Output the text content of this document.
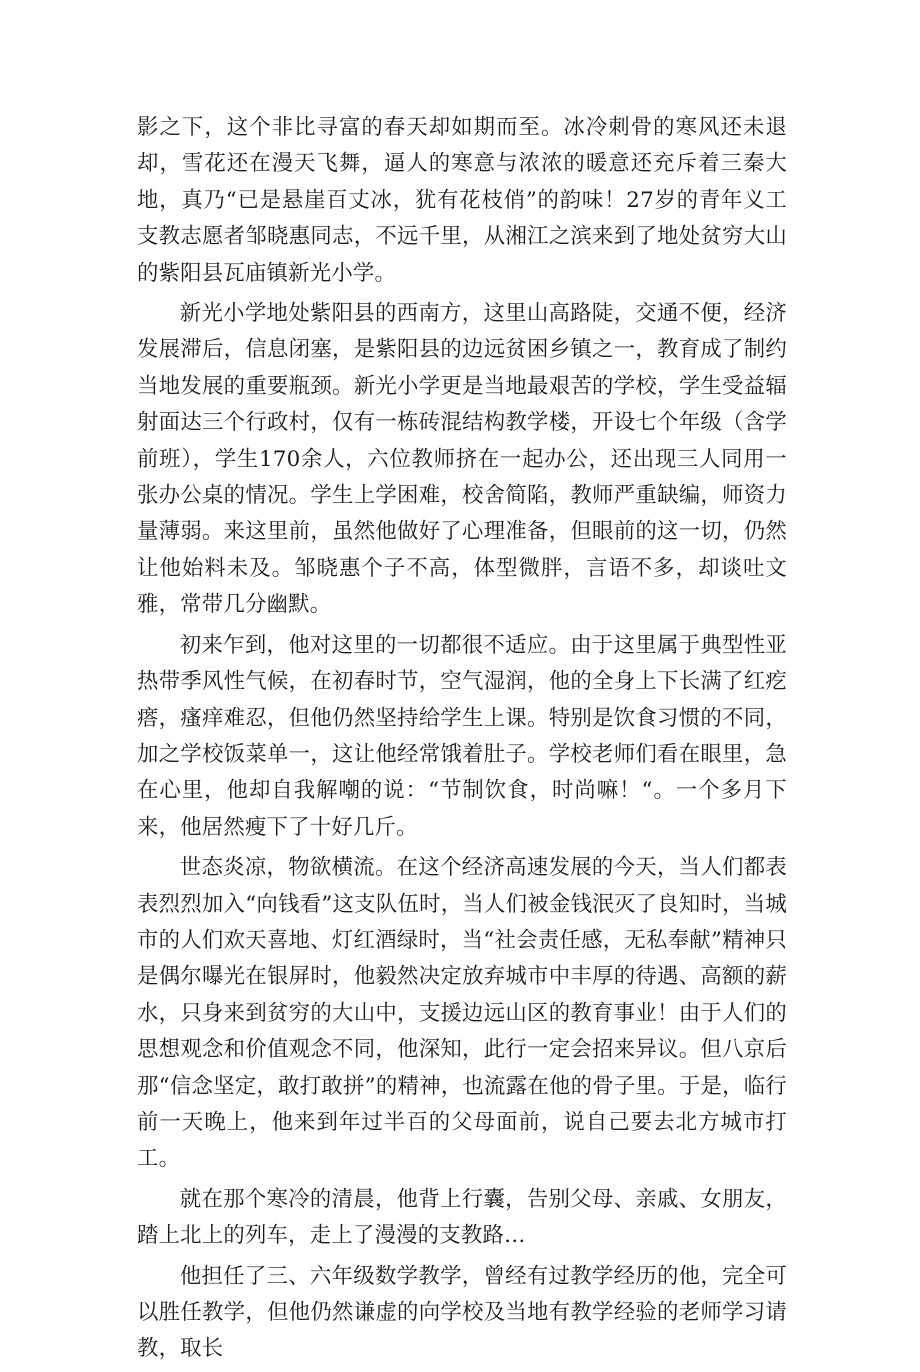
影之下，这个非比寻富的春天却如期而至。冰冷刺骨的寒风还未退却，雪花还在漫天飞舞，逼人的寒意与浓浓的暖意还充斥着三秦大地，真乃“已是悬崖百丈冰，犹有花枝俏”的韵味！27岁的青年义工支教志愿者邹晓惠同志，不远千里，从湘江之滨来到了地处贫穷大山的紫阳县瓦庙镇新光小学。

新光小学地处紫阳县的西南方，这里山高路陡，交通不便，经济发展滞后，信息闭塞，是紫阳县的边远贫困乡镇之一，教育成了制约当地发展的重要瓶颈。新光小学更是当地最艰苦的学校，学生受益辐射面达三个行政村，仅有一栋砖混结构教学楼，开设七个年级（含学前班），学生170余人，六位教师挤在一起办公，还出现三人同用一张办公桌的情况。学生上学困难，校舍简陷，教师严重缺编，师资力量薄弱。来这里前，虽然他做好了心理准备，但眼前的这一切，仍然让他始料未及。邹晓惠个子不高，体型微胖，言语不多，却谈吐文雅，常带几分幽默。

初来乍到，他对这里的一切都很不适应。由于这里属于典型性亚热带季风性气候，在初春时节，空气湿润，他的全身上下长满了红疙瘩，瘙痒难忍，但他仍然坚持给学生上课。特别是饮食习惯的不同，加之学校饭菜单一，这让他经常饿着肚子。学校老师们看在眼里，急在心里，他却自我解嘲的说：“节制饮食，时尚嘛！“。一个多月下来，他居然瘦下了十好几斤。

世态炎凉，物欲横流。在这个经济高速发展的今天，当人们都表表烈烈加入“向钱看”这支队伍时，当人们被金钱泯灭了良知时，当城市的人们欢天喜地、灯红酒绿时，当“社会责任感，无私奉献”精神只是偶尔曝光在银屏时，他毅然决定放弃城市中丰厚的待遇、高额的薪水，只身来到贫穷的大山中，支援边远山区的教育事业！由于人们的思想观念和价值观念不同，他深知，此行一定会招来异议。但八京后那“信念坚定，敢打敢拼”的精神，也流露在他的骨子里。于是，临行前一天晚上，他来到年过半百的父母面前，说自己要去北方城市打工。

就在那个寒冷的清晨，他背上行囊，告别父母、亲戚、女朋友，踏上北上的列车，走上了漫漫的支教路…

他担任了三、六年级数学教学，曾经有过教学经历的他，完全可以胜任教学，但他仍然谦虚的向学校及当地有教学经验的老师学习请教，取长
